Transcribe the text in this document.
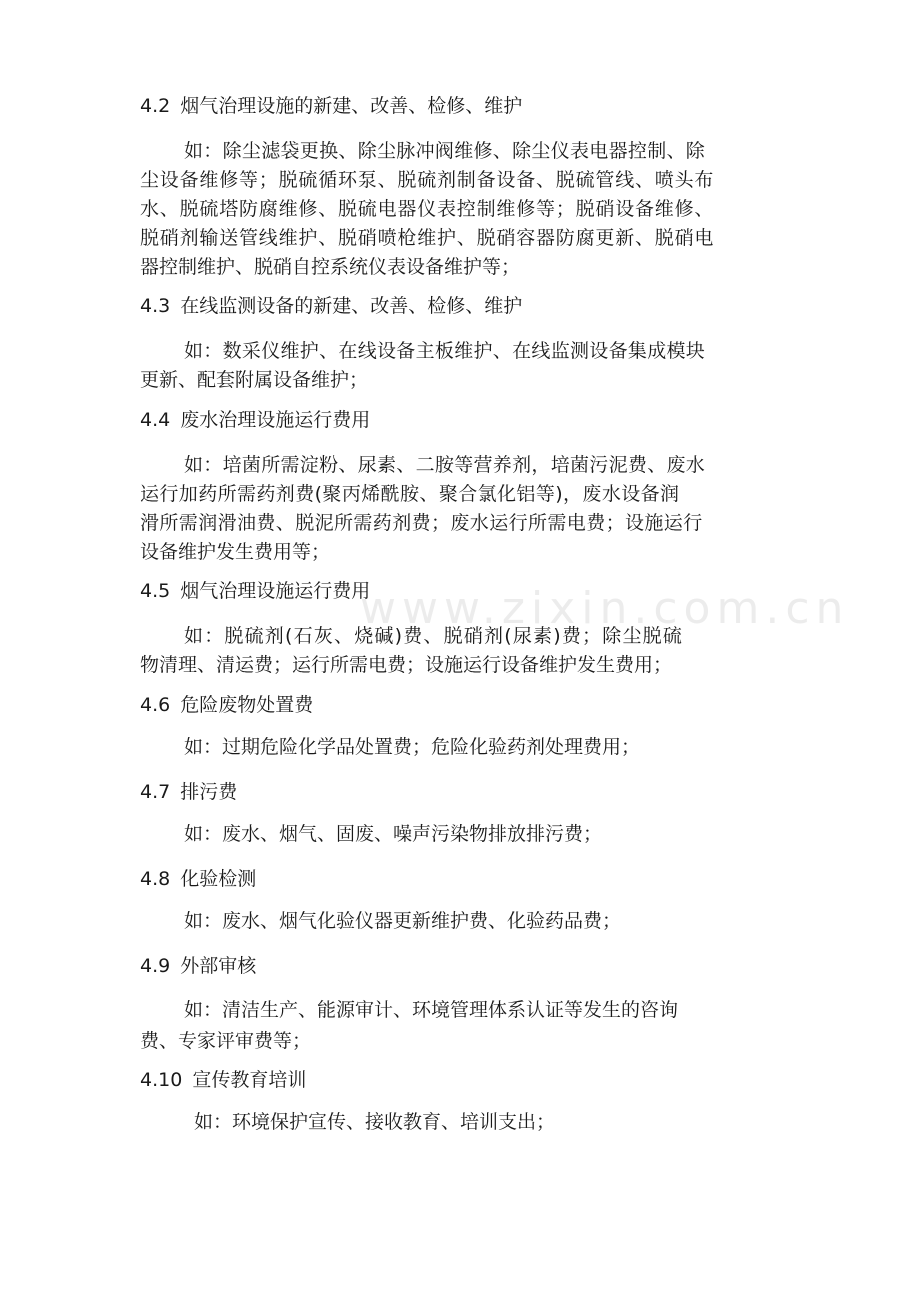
www.zixin.com.cn
4.2 烟气治理设施的新建、改善、检修、维护
如：除尘滤袋更换、除尘脉冲阀维修、除尘仪表电器控制、除
尘设备维修等；脱硫循环泵、脱硫剂制备设备、脱硫管线、喷头布
水、脱硫塔防腐维修、脱硫电器仪表控制维修等；脱硝设备维修、
脱硝剂输送管线维护、脱硝喷枪维护、脱硝容器防腐更新、脱硝电
器控制维护、脱硝自控系统仪表设备维护等；
4.3 在线监测设备的新建、改善、检修、维护
如：数采仪维护、在线设备主板维护、在线监测设备集成模块
更新、配套附属设备维护；
4.4 废水治理设施运行费用
如：培菌所需淀粉、尿素、二胺等营养剂，培菌污泥费、废水
运行加药所需药剂费(聚丙烯酰胺、聚合氯化铝等)，废水设备润
滑所需润滑油费、脱泥所需药剂费；废水运行所需电费；设施运行
设备维护发生费用等；
4.5 烟气治理设施运行费用
如：脱硫剂(石灰、烧碱)费、脱硝剂(尿素)费；除尘脱硫
物清理、清运费；运行所需电费；设施运行设备维护发生费用；
4.6 危险废物处置费
如：过期危险化学品处置费；危险化验药剂处理费用；
4.7 排污费
如：废水、烟气、固废、噪声污染物排放排污费；
4.8 化验检测
如：废水、烟气化验仪器更新维护费、化验药品费；
4.9 外部审核
如：清洁生产、能源审计、环境管理体系认证等发生的咨询
费、专家评审费等；
4.10 宣传教育培训
如：环境保护宣传、接收教育、培训支出；
